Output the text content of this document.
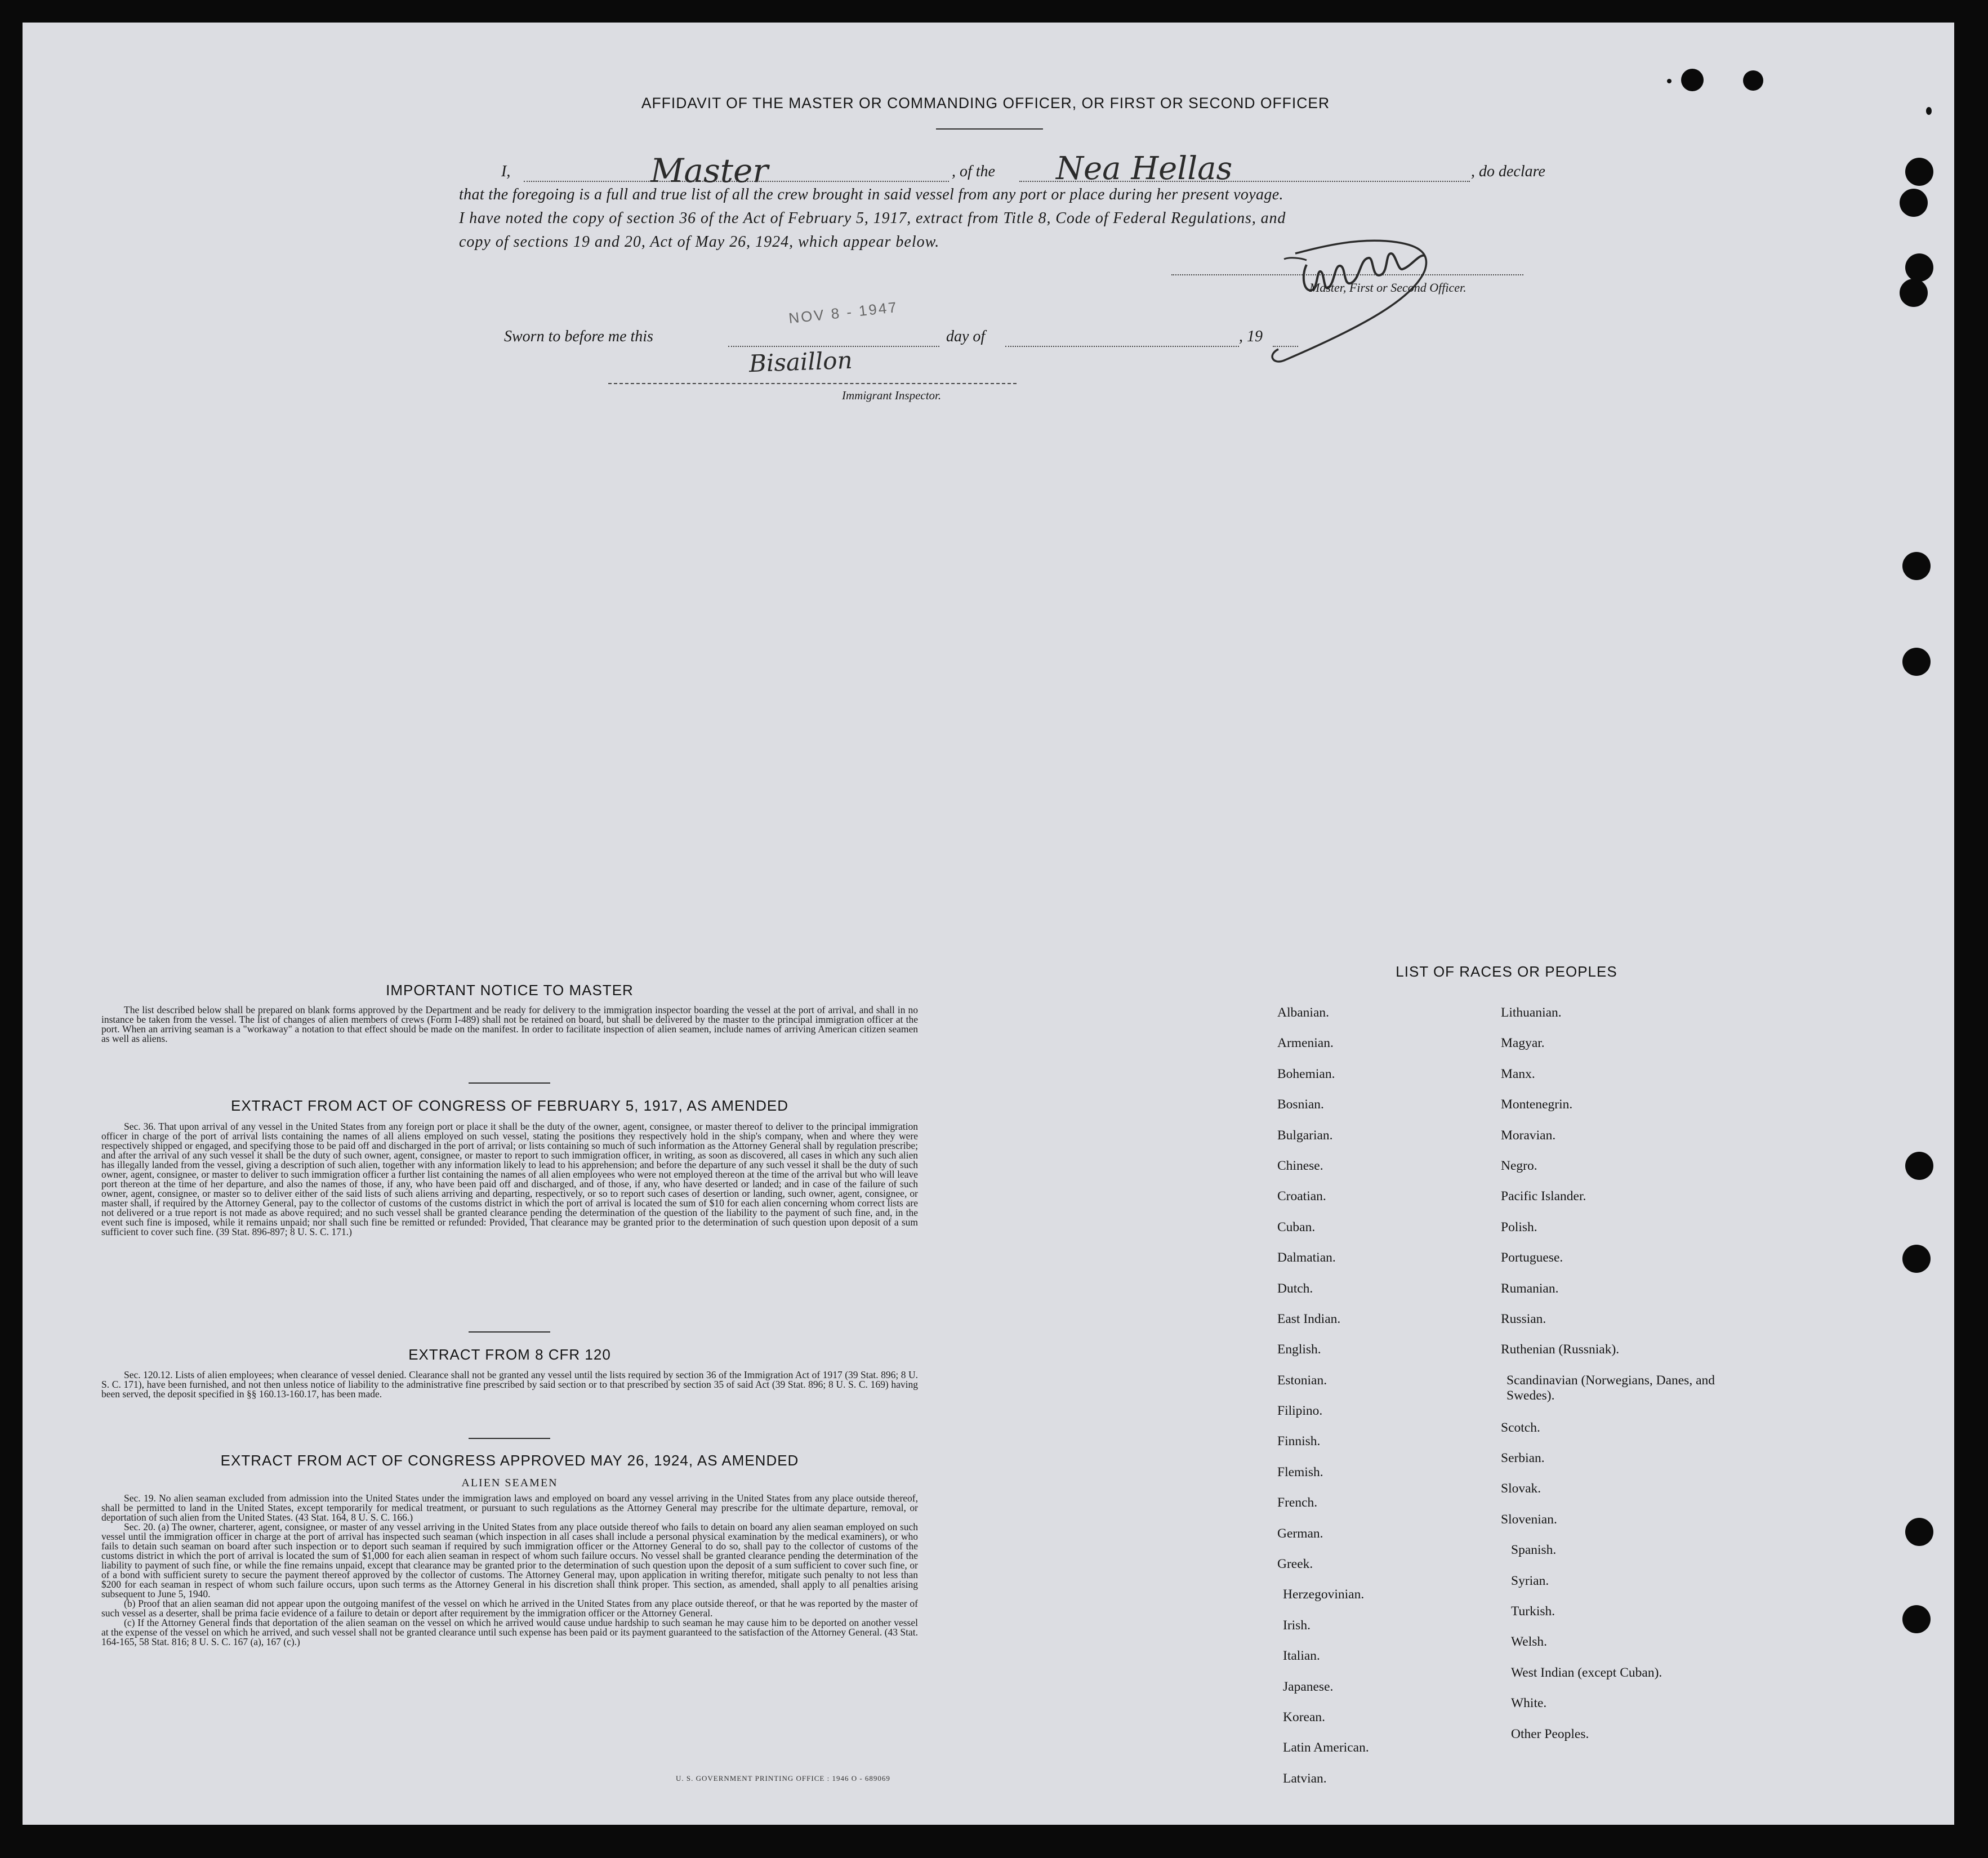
AFFIDAVIT OF THE MASTER OR COMMANDING OFFICER, OR FIRST OR SECOND OFFICER
I,	Master	, of the Nea Hellas	, do declare
that the foregoing is a full and true list of all the crew brought in said vessel from any port or place during her present voyage.
I have noted the copy of section 36 of the Act of February 5, 1917, extract from Title 8, Code of Federal Regulations, and
copy of sections 19 and 20, Act of May 26, 1924, which appear below.
Master, First or Second Officer.
Sworn to before me this
NOV 8 - 1947
day of	, 19
Bisaillon
Immigrant Inspector.
IMPORTANT NOTICE TO MASTER

The list described below shall be prepared on blank forms approved by the Department and be ready for delivery to the immigration inspector boarding the vessel at the port of arrival, and shall in no instance be taken from the vessel. The list of changes of alien members of crews (Form I-489) shall not be retained on board, but shall be delivered by the master to the principal immigration officer at the port. When an arriving seaman is a "workaway" a notation to that effect should be made on the manifest. In order to facilitate inspection of alien seamen, include names of arriving American citizen seamen as well as aliens.

EXTRACT FROM ACT OF CONGRESS OF FEBRUARY 5, 1917, AS AMENDED

Sec. 36. That upon arrival of any vessel in the United States from any foreign port or place it shall be the duty of the owner, agent, consignee, or master thereof to deliver to the principal immigration officer in charge of the port of arrival lists containing the names of all aliens employed on such vessel, stating the positions they respectively hold in the ship's company, when and where they were respectively shipped or engaged, and specifying those to be paid off and discharged in the port of arrival; or lists containing so much of such information as the Attorney General shall by regulation prescribe; and after the arrival of any such vessel it shall be the duty of such owner, agent, consignee, or master to report to such immigration officer, in writing, as soon as discovered, all cases in which any such alien has illegally landed from the vessel, giving a description of such alien, together with any information likely to lead to his apprehension; and before the departure of any such vessel it shall be the duty of such owner, agent, consignee, or master to deliver to such immigration officer a further list containing the names of all alien employees who were not employed thereon at the time of the arrival but who will leave port thereon at the time of her departure, and also the names of those, if any, who have been paid off and discharged, and of those, if any, who have deserted or landed; and in case of the failure of such owner, agent, consignee, or master so to deliver either of the said lists of such aliens arriving and departing, respectively, or so to report such cases of desertion or landing, such owner, agent, consignee, or master shall, if required by the Attorney General, pay to the collector of customs of the customs district in which the port of arrival is located the sum of $10 for each alien concerning whom correct lists are not delivered or a true report is not made as above required; and no such vessel shall be granted clearance pending the determination of the question of the liability to the payment of such fine, and, in the event such fine is imposed, while it remains unpaid; nor shall such fine be remitted or refunded: Provided, That clearance may be granted prior to the determination of such question upon deposit of a sum sufficient to cover such fine. (39 Stat. 896-897; 8 U. S. C. 171.)

EXTRACT FROM 8 CFR 120

Sec. 120.12. Lists of alien employees; when clearance of vessel denied. Clearance shall not be granted any vessel until the lists required by section 36 of the Immigration Act of 1917 (39 Stat. 896; 8 U. S. C. 171), have been furnished, and not then unless notice of liability to the administrative fine prescribed by said section or to that prescribed by section 35 of said Act (39 Stat. 896; 8 U. S. C. 169) having been served, the deposit specified in §§ 160.13-160.17, has been made.

EXTRACT FROM ACT OF CONGRESS APPROVED MAY 26, 1924, AS AMENDED
ALIEN SEAMEN

Sec. 19. No alien seaman excluded from admission into the United States under the immigration laws and employed on board any vessel arriving in the United States from any place outside thereof, shall be permitted to land in the United States, except temporarily for medical treatment, or pursuant to such regulations as the Attorney General may prescribe for the ultimate departure, removal, or deportation of such alien from the United States. (43 Stat. 164, 8 U. S. C. 166.)

Sec. 20. (a) The owner, charterer, agent, consignee, or master of any vessel arriving in the United States from any place outside thereof who fails to detain on board any alien seaman employed on such vessel until the immigration officer in charge at the port of arrival has inspected such seaman (which inspection in all cases shall include a personal physical examination by the medical examiners), or who fails to detain such seaman on board after such inspection or to deport such seaman if required by such immigration officer or the Attorney General to do so, shall pay to the collector of customs of the customs district in which the port of arrival is located the sum of $1,000 for each alien seaman in respect of whom such failure occurs. No vessel shall be granted clearance pending the determination of the liability to payment of such fine, or while the fine remains unpaid, except that clearance may be granted prior to the determination of such question upon the deposit of a sum sufficient to cover such fine, or of a bond with sufficient surety to secure the payment thereof approved by the collector of customs. The Attorney General may, upon application in writing therefor, mitigate such penalty to not less than $200 for each seaman in respect of whom such failure occurs, upon such terms as the Attorney General in his discretion shall think proper. This section, as amended, shall apply to all penalties arising subsequent to June 5, 1940.

(b) Proof that an alien seaman did not appear upon the outgoing manifest of the vessel on which he arrived in the United States from any place outside thereof, or that he was reported by the master of such vessel as a deserter, shall be prima facie evidence of a failure to detain or deport after requirement by the immigration officer or the Attorney General.

(c) If the Attorney General finds that deportation of the alien seaman on the vessel on which he arrived would cause undue hardship to such seaman he may cause him to be deported on another vessel at the expense of the vessel on which he arrived, and such vessel shall not be granted clearance until such expense has been paid or its payment guaranteed to the satisfaction of the Attorney General. (43 Stat. 164-165, 58 Stat. 816; 8 U. S. C. 167 (a), 167 (c).)

U. S. GOVERNMENT PRINTING OFFICE : 1946 O - 689069
LIST OF RACES OR PEOPLES
Albanian.
Armenian.
Bohemian.
Bosnian.
Bulgarian.
Chinese.
Croatian.
Cuban.
Dalmatian.
Dutch.
East Indian.
English.
Estonian.
Filipino.
Finnish.
Flemish.
French.
German.
Greek.
Herzegovinian.
Irish.
Italian.
Japanese.
Korean.
Latin American.
Latvian.
Lithuanian.
Magyar.
Manx.
Montenegrin.
Moravian.
Negro.
Pacific Islander.
Polish.
Portuguese.
Rumanian.
Russian.
Ruthenian (Russniak).
Scandinavian (Norwegians, Danes, and Swedes).
Scotch.
Serbian.
Slovak.
Slovenian.
Spanish.
Syrian.
Turkish.
Welsh.
West Indian (except Cuban).
White.
Other Peoples.
